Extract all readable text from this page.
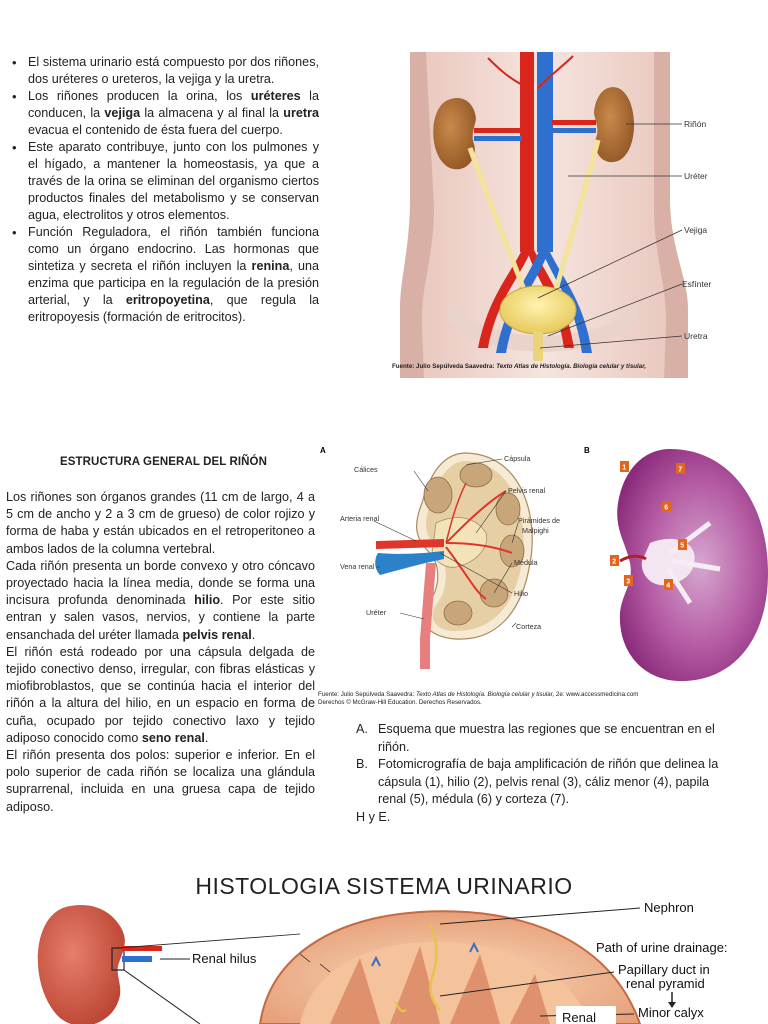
• El sistema urinario está compuesto por dos riñones, dos uréteres o ureteros, la vejiga y la uretra.
• Los riñones producen la orina, los uréteres la conducen, la vejiga la almacena y al final la uretra evacua el contenido de ésta fuera del cuerpo.
• Este aparato contribuye, junto con los pulmones y el hígado, a mantener la homeostasis, ya que a través de la orina se eliminan del organismo ciertos productos finales del metabolismo y se conservan agua, electrolitos y otros elementos.
• Función Reguladora, el riñón también funciona como un órgano endocrino. Las hormonas que sintetiza y secreta el riñón incluyen la renina, una enzima que participa en la regulación de la presión arterial, y la eritropoyetina, que regula la eritropoyesis (formación de eritrocitos).
Riñón
Uréter
Vejiga
Esfínter
Uretra
Fuente: Julio Sepúlveda Saavedra: Texto Atlas de Histología. Biología celular y tisular,
ESTRUCTURA GENERAL DEL RIÑÓN

Los riñones son órganos grandes (11 cm de largo, 4 a 5 cm de ancho y 2 a 3 cm de grueso) de color rojizo y forma de haba y están ubicados en el retroperitoneo a ambos lados de la columna vertebral.

Cada riñón presenta un borde convexo y otro cóncavo proyectado hacia la línea media, donde se forma una incisura profunda denominada hilio. Por este sitio entran y salen vasos, nervios, y contiene la parte ensanchada del uréter llamada pelvis renal.

El riñón está rodeado por una cápsula delgada de tejido conectivo denso, irregular, con fibras elásticas y miofibroblastos, que se continúa hacia el interior del riñón a la altura del hilio, en un espacio en forma de cuña, ocupado por tejido conectivo laxo y tejido adiposo conocido como seno renal.

El riñón presenta dos polos: superior e inferior. En el polo superior de cada riñón se localiza una glándula suprarrenal, incluida en una gruesa capa de tejido adiposo.

A
Cápsula
Cálices
Pelvis renal
Pirámides de
Malpighi
Arteria renal
Médula
Vena renal
Hilio
Uréter
Corteza
B
1	7
6
2
3
5
4
Fuente: Julio Sepúlveda Saavedra: Texto Atlas de Histología. Biología celular y tisular, 2e: www.accessmedicina.com
Derechos © McGraw-Hill Education. Derechos Reservados.
A. Esquema que muestra las regiones que se encuentran en el riñón.
B. Fotomicrografía de baja amplificación de riñón que delinea la cápsula (1), hilio (2), pelvis renal (3), cáliz menor (4), papila renal (5), médula (6) y corteza (7).
H y E.
HISTOLOGIA SISTEMA URINARIO
Renal hilus
Nephron
Path of urine drainage:
Papillary duct in
renal pyramid
Minor calyx
Renal
